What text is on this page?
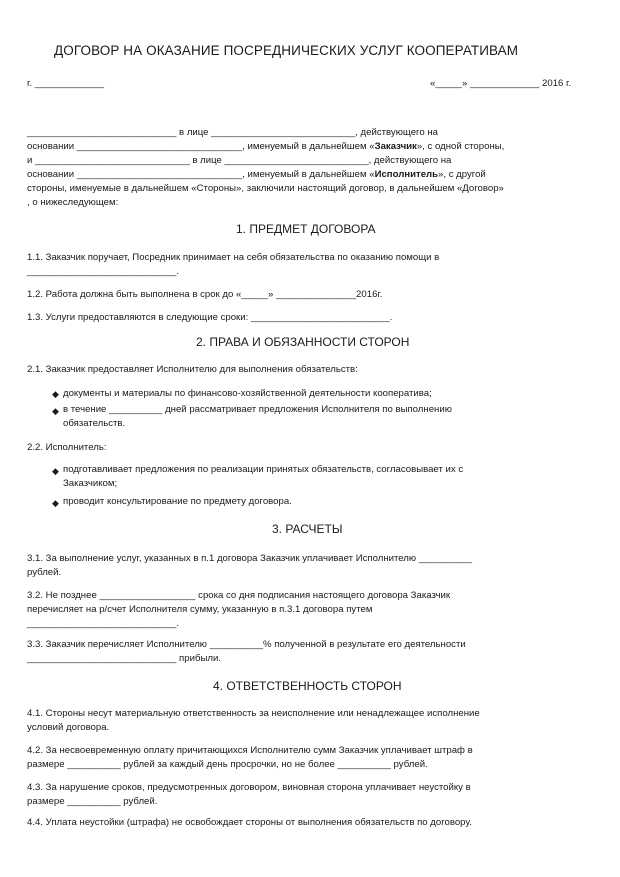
ДОГОВОР НА ОКАЗАНИЕ ПОСРЕДНИЧЕСКИХ УСЛУГ КООПЕРАТИВАМ
г. _____________	«_____» _____________ 2016 г.
____________________________ в лице ___________________________, действующего на
основании _______________________________, именуемый в дальнейшем «Заказчик», с одной стороны,
и _____________________________ в лице ___________________________, действующего на
основании _______________________________, именуемый в дальнейшем «Исполнитель», с другой
стороны, именуемые в дальнейшем «Стороны», заключили настоящий договор, в дальнейшем «Договор»
, о нижеследующем:
1. ПРЕДМЕТ ДОГОВОРА
1.1. Заказчик поручает, Посредник принимает на себя обязательства по оказанию помощи в
____________________________.
1.2. Работа должна быть выполнена в срок до «_____» _______________2016г.
1.3. Услуги предоставляются в следующие сроки: __________________________.
2. ПРАВА И ОБЯЗАННОСТИ СТОРОН
2.1. Заказчик предоставляет Исполнителю для выполнения обязательств:
◆ документы и материалы по финансово-хозяйственной деятельности кооператива;
◆ в течение __________ дней рассматривает предложения Исполнителя по выполнению
обязательств.
2.2. Исполнитель:
◆ подготавливает предложения по реализации принятых обязательств, согласовывает их с
Заказчиком;
◆ проводит консультирование по предмету договора.
3. РАСЧЕТЫ
3.1. За выполнение услуг, указанных в п.1 договора Заказчик уплачивает Исполнителю __________
рублей.
3.2. Не позднее __________________ срока со дня подписания настоящего договора Заказчик
перечисляет на р/счет Исполнителя сумму, указанную в п.3.1 договора путем
____________________________.
3.3. Заказчик перечисляет Исполнителю __________% полученной в результате его деятельности
____________________________ прибыли.
4. ОТВЕТСТВЕННОСТЬ СТОРОН
4.1. Стороны несут материальную ответственность за неисполнение или ненадлежащее исполнение
условий договора.
4.2. За несвоевременную оплату причитающихся Исполнителю сумм Заказчик уплачивает штраф в
размере __________ рублей за каждый день просрочки, но не более __________ рублей.
4.3. За нарушение сроков, предусмотренных договором, виновная сторона уплачивает неустойку в
размере __________ рублей.
4.4. Уплата неустойки (штрафа) не освобождает стороны от выполнения обязательств по договору.
